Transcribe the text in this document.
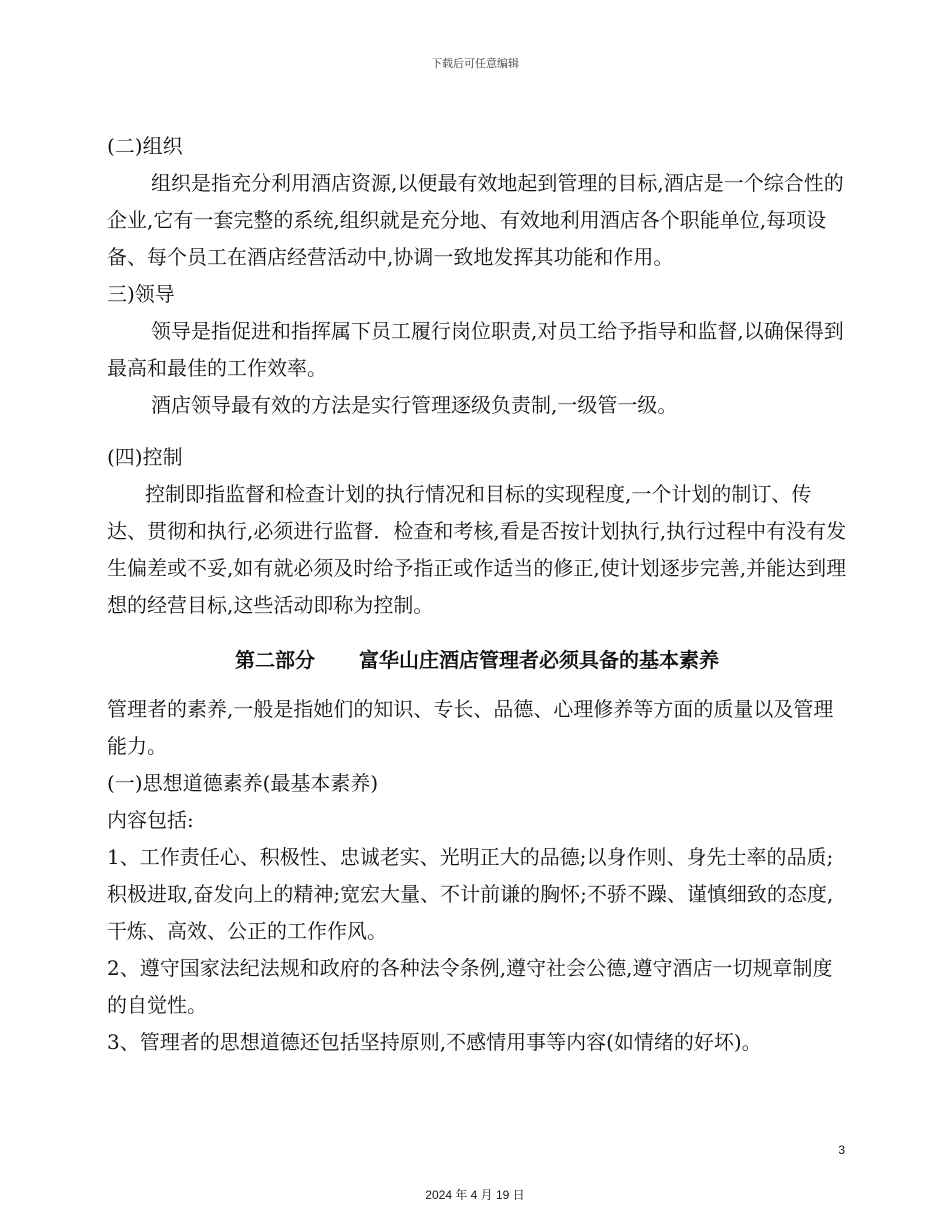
下载后可任意编辑

(二)组织

组织是指充分利用酒店资源,以便最有效地起到管理的目标,酒店是一个综合性的企业,它有一套完整的系统,组织就是充分地、有效地利用酒店各个职能单位,每项设备、每个员工在酒店经营活动中,协调一致地发挥其功能和作用。

三)领导

领导是指促进和指挥属下员工履行岗位职责,对员工给予指导和监督,以确保得到最高和最佳的工作效率。

酒店领导最有效的方法是实行管理逐级负责制,一级管一级。

(四)控制

控制即指监督和检查计划的执行情况和目标的实现程度,一个计划的制订、传达、贯彻和执行,必须进行监督．检查和考核,看是否按计划执行,执行过程中有没有发生偏差或不妥,如有就必须及时给予指正或作适当的修正,使计划逐步完善,并能达到理想的经营目标,这些活动即称为控制。

第二部分 富华山庄酒店管理者必须具备的基本素养

管理者的素养,一般是指她们的知识、专长、品德、心理修养等方面的质量以及管理能力。

(一)思想道德素养(最基本素养)

内容包括:

1、工作责任心、积极性、忠诚老实、光明正大的品德;以身作则、身先士率的品质;积极进取,奋发向上的精神;宽宏大量、不计前谦的胸怀;不骄不躁、谨慎细致的态度,干炼、高效、公正的工作作风。

2、遵守国家法纪法规和政府的各种法令条例,遵守社会公德,遵守酒店一切规章制度的自觉性。

3、管理者的思想道德还包括坚持原则,不感情用事等内容(如情绪的好坏)。

3
2024 年 4 月 19 日
